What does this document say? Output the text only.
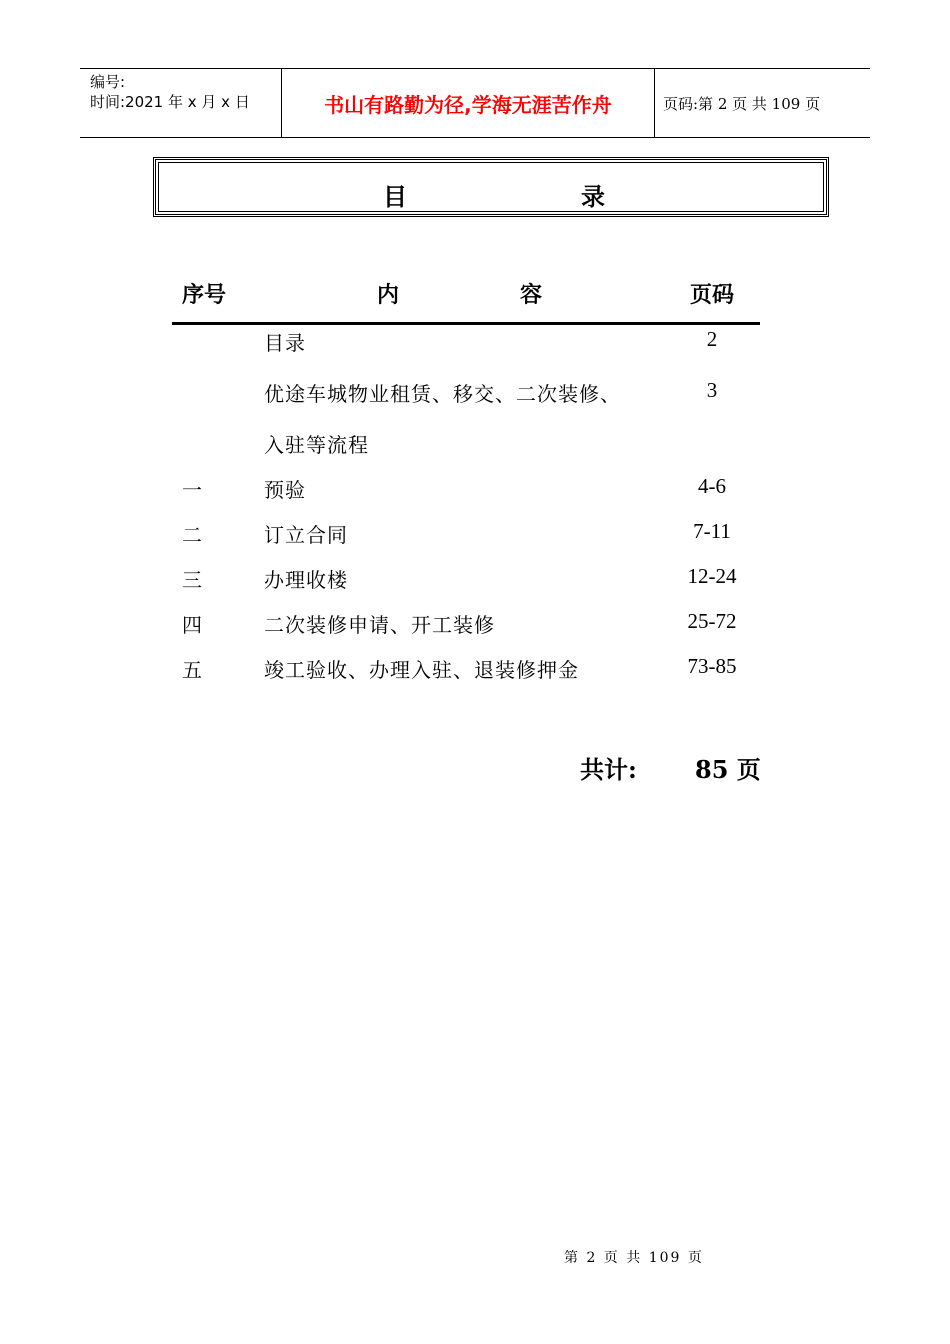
编号:
时间:2021 年 x 月 x 日	书山有路勤为径,学海无涯苦作舟	页码:第 2 页 共 109 页
目	录
序号	内	容	页码
目录	2
优途车城物业租赁、移交、二次装修、	3
入驻等流程
一	预验	4-6
二	订立合同	7-11
三	办理收楼	12-24
四	二次装修申请、开工装修	25-72
五	竣工验收、办理入驻、退装修押金	73-85
共计: 85 页
第 2 页 共 109 页
